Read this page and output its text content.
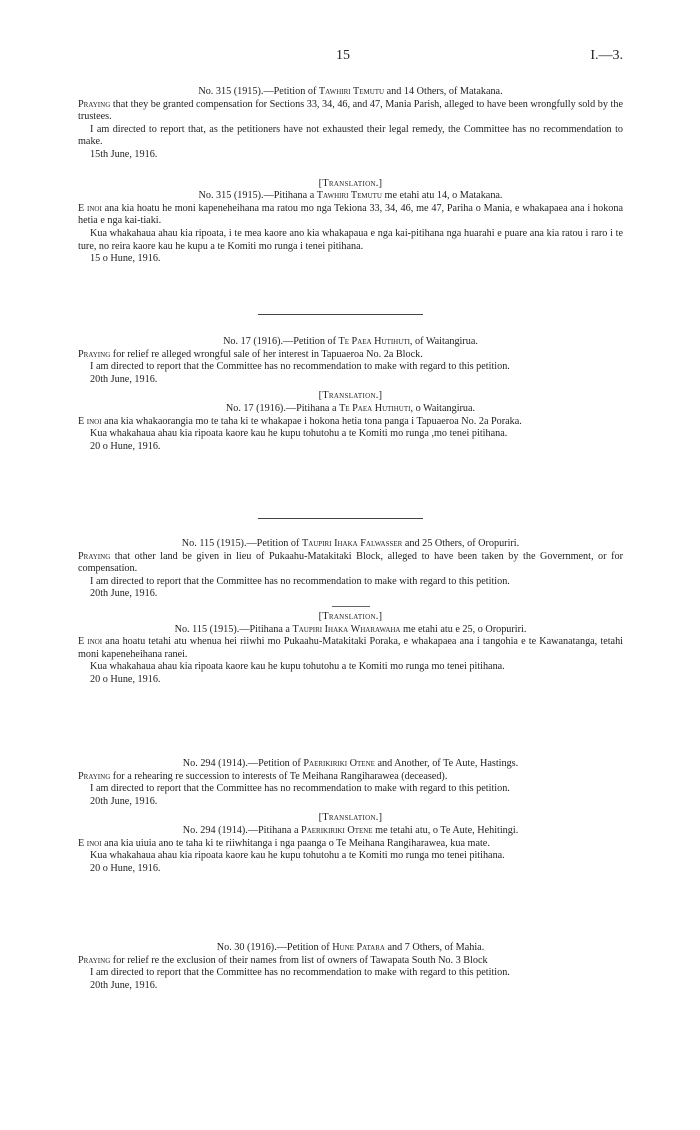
15	I.—3.
No. 315 (1915).—Petition of Tawhiri Temutu and 14 Others, of Matakana.

Praying that they be granted compensation for Sections 33, 34, 46, and 47, Mania Parish, alleged to have been wrongfully sold by the trustees.

I am directed to report that, as the petitioners have not exhausted their legal remedy, the Committee has no recommendation to make.

15th June, 1916.
[Translation.]
No. 315 (1915).—Pitihana a Tawhiri Temutu me etahi atu 14, o Matakana.

E inoi ana kia hoatu he moni kapeneheihana ma ratou mo nga Tekiona 33, 34, 46, me 47, Pariha o Mania, e whakapaea ana i hokona hetia e nga kai-tiaki.

Kua whakahaua ahau kia ripoata, i te mea kaore ano kia whakapaua e nga kai-pitihana nga huarahi e puare ana kia ratou i raro i te ture, no reira kaore kau he kupu a te Komiti mo runga i tenei pitihana.

15 o Hune, 1916.
No. 17 (1916).—Petition of Te Paea Hutihuti, of Waitangirua.

Praying for relief re alleged wrongful sale of her interest in Tapuaeroa No. 2a Block.

I am directed to report that the Committee has no recommendation to make with regard to this petition.

20th June, 1916.
[Translation.]
No. 17 (1916).—Pitihana a Te Paea Hutihuti, o Waitangirua.

E inoi ana kia whakaorangia mo te taha ki te whakapae i hokona hetia tona panga i Tapuaeroa No. 2a Poraka.

Kua whakahaua ahau kia ripoata kaore kau he kupu tohutohu a te Komiti mo runga ,mo tenei pitihana.

20 o Hune, 1916.
No. 115 (1915).—Petition of Taupiri Ihaka Falwasser and 25 Others, of Oropuriri.

Praying that other land be given in lieu of Pukaahu-Matakitaki Block, alleged to have been taken by the Government, or for compensation.

I am directed to report that the Committee has no recommendation to make with regard to this petition.

20th June, 1916.
[Translation.]
No. 115 (1915).—Pitihana a Taupiri Ihaka Wharawaha me etahi atu e 25, o Oropuriri.

E inoi ana hoatu tetahi atu whenua hei riiwhi mo Pukaahu-Matakitaki Poraka, e whakapaea ana i tangohia e te Kawanatanga, tetahi moni kapeneheihana ranei.

Kua whakahaua ahau kia ripoata kaore kau he kupu tohutohu a te Komiti mo runga mo tenei pitihana.

20 o Hune, 1916.
No. 294 (1914).—Petition of Paerikiriki Otene and Another, of Te Aute, Hastings.

Praying for a rehearing re succession to interests of Te Meihana Rangiharawea (deceased).

I am directed to report that the Committee has no recommendation to make with regard to this petition.

20th June, 1916.
[Translation.]
No. 294 (1914).—Pitihana a Paerikiriki Otene me tetahi atu, o Te Aute, Hehitingi.

E inoi ana kia uiuia ano te taha ki te riiwhitanga i nga paanga o Te Meihana Rangiharawea, kua mate.

Kua whakahaua ahau kia ripoata kaore kau he kupu tohutohu a te Komiti mo runga mo tenei pitihana.

20 o Hune, 1916.
No. 30 (1916).—Petition of Hune Patara and 7 Others, of Mahia.

Praying for relief re the exclusion of their names from list of owners of Tawapata South No. 3 Block

I am directed to report that the Committee has no recommendation to make with regard to this petition.

20th June, 1916.
